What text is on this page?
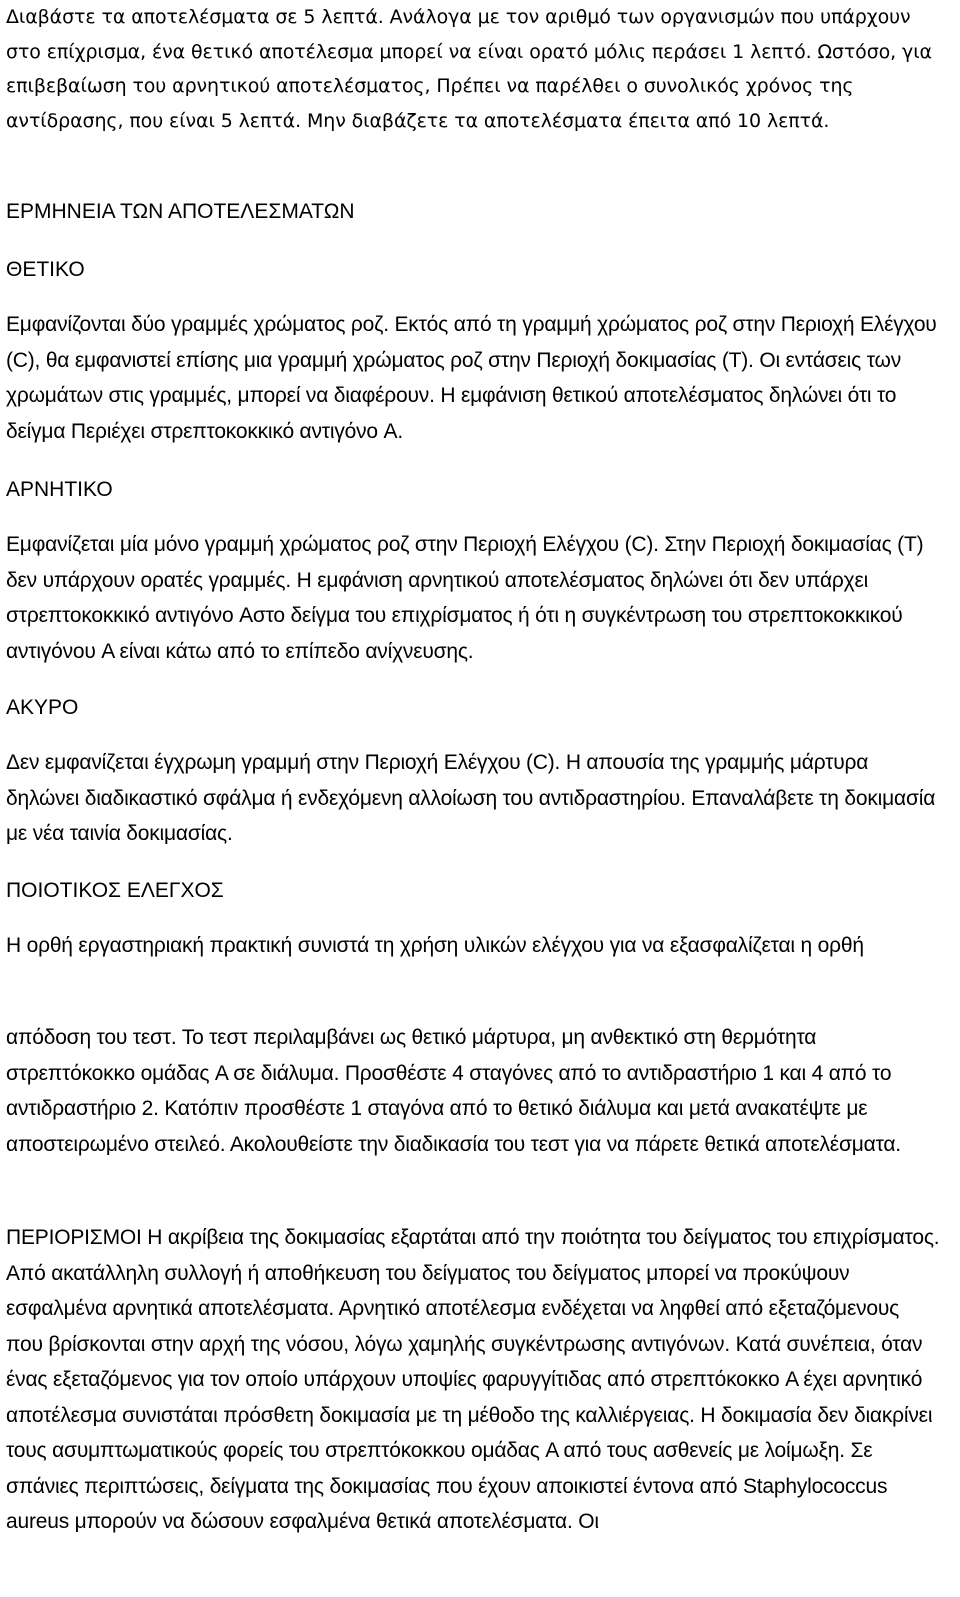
Διαβάστε τα αποτελέσματα σε 5 λεπτά. Ανάλογα με τον αριθμό των οργανισμών που υπάρχουν στο επίχρισμα, ένα θετικό αποτέλεσμα μπορεί να είναι ορατό μόλις περάσει 1 λεπτό. Ωστόσο, για επιβεβαίωση του αρνητικού αποτελέσματος, Πρέπει να παρέλθει ο συνολικός χρόνος της αντίδρασης, που είναι 5 λεπτά. Μην διαβάζετε τα αποτελέσματα έπειτα από 10 λεπτά.

ΕΡΜΗΝΕΙΑ ΤΩΝ ΑΠΟΤΕΛΕΣΜΑΤΩΝ

ΘΕΤΙΚΟ

Εμφανίζονται δύο γραμμές χρώματος ροζ. Εκτός από τη γραμμή χρώματος ροζ στην Περιοχή Ελέγχου (C), θα εμφανιστεί επίσης μια γραμμή χρώματος ροζ στην Περιοχή δοκιμασίας (T). Οι εντάσεις των χρωμάτων στις γραμμές, μπορεί να διαφέρουν. Η εμφάνιση θετικού αποτελέσματος δηλώνει ότι το δείγμα Περιέχει στρεπτοκοκκικό αντιγόνο A.

ΑΡΝΗΤΙΚΟ

Εμφανίζεται μία μόνο γραμμή χρώματος ροζ στην Περιοχή Ελέγχου (C). Στην Περιοχή δοκιμασίας (T) δεν υπάρχουν ορατές γραμμές. Η εμφάνιση αρνητικού αποτελέσματος δηλώνει ότι δεν υπάρχει στρεπτοκοκκικό αντιγόνο Aστο δείγμα του επιχρίσματος ή ότι η συγκέντρωση του στρεπτοκοκκικού αντιγόνου A είναι κάτω από το επίπεδο ανίχνευσης.

ΑΚΥΡΟ

Δεν εμφανίζεται έγχρωμη γραμμή στην Περιοχή Ελέγχου (C). Η απουσία της γραμμής μάρτυρα δηλώνει διαδικαστικό σφάλμα ή ενδεχόμενη αλλοίωση του αντιδραστηρίου. Επαναλάβετε τη δοκιμασία με νέα ταινία δοκιμασίας.

ΠΟΙΟΤΙΚΟΣ ΕΛΕΓΧΟΣ

Η ορθή εργαστηριακή πρακτική συνιστά τη χρήση υλικών ελέγχου για να εξασφαλίζεται η ορθή

απόδοση του τεστ. Το τεστ περιλαμβάνει ως θετικό μάρτυρα, μη ανθεκτικό στη θερμότητα στρεπτόκοκκο ομάδας A σε διάλυμα. Προσθέστε 4 σταγόνες από το αντιδραστήριο 1 και 4 από το αντιδραστήριο 2. Κατόπιν προσθέστε 1 σταγόνα από το θετικό διάλυμα και μετά ανακατέψτε με αποστειρωμένο στειλεό. Ακολουθείστε την διαδικασία του τεστ για να πάρετε θετικά αποτελέσματα.

ΠΕΡΙΟΡΙΣΜΟΙ Η ακρίβεια της δοκιμασίας εξαρτάται από την ποιότητα του δείγματος του επιχρίσματος. Από ακατάλληλη συλλογή ή αποθήκευση του δείγματος του δείγματος μπορεί να προκύψουν εσφαλμένα αρνητικά αποτελέσματα. Αρνητικό αποτέλεσμα ενδέχεται να ληφθεί από εξεταζόμενους που βρίσκονται στην αρχή της νόσου, λόγω χαμηλής συγκέντρωσης αντιγόνων. Κατά συνέπεια, όταν ένας εξεταζόμενος για τον οποίο υπάρχουν υποψίες φαρυγγίτιδας από στρεπτόκοκκο A έχει αρνητικό αποτέλεσμα συνιστάται πρόσθετη δοκιμασία με τη μέθοδο της καλλιέργειας. Η δοκιμασία δεν διακρίνει τους ασυμπτωματικούς φορείς του στρεπτόκοκκου ομάδας A από τους ασθενείς με λοίμωξη. Σε σπάνιες περιπτώσεις, δείγματα της δοκιμασίας που έχουν αποικιστεί έντονα από Staphylococcus aureus μπορούν να δώσουν εσφαλμένα θετικά αποτελέσματα. Οι
